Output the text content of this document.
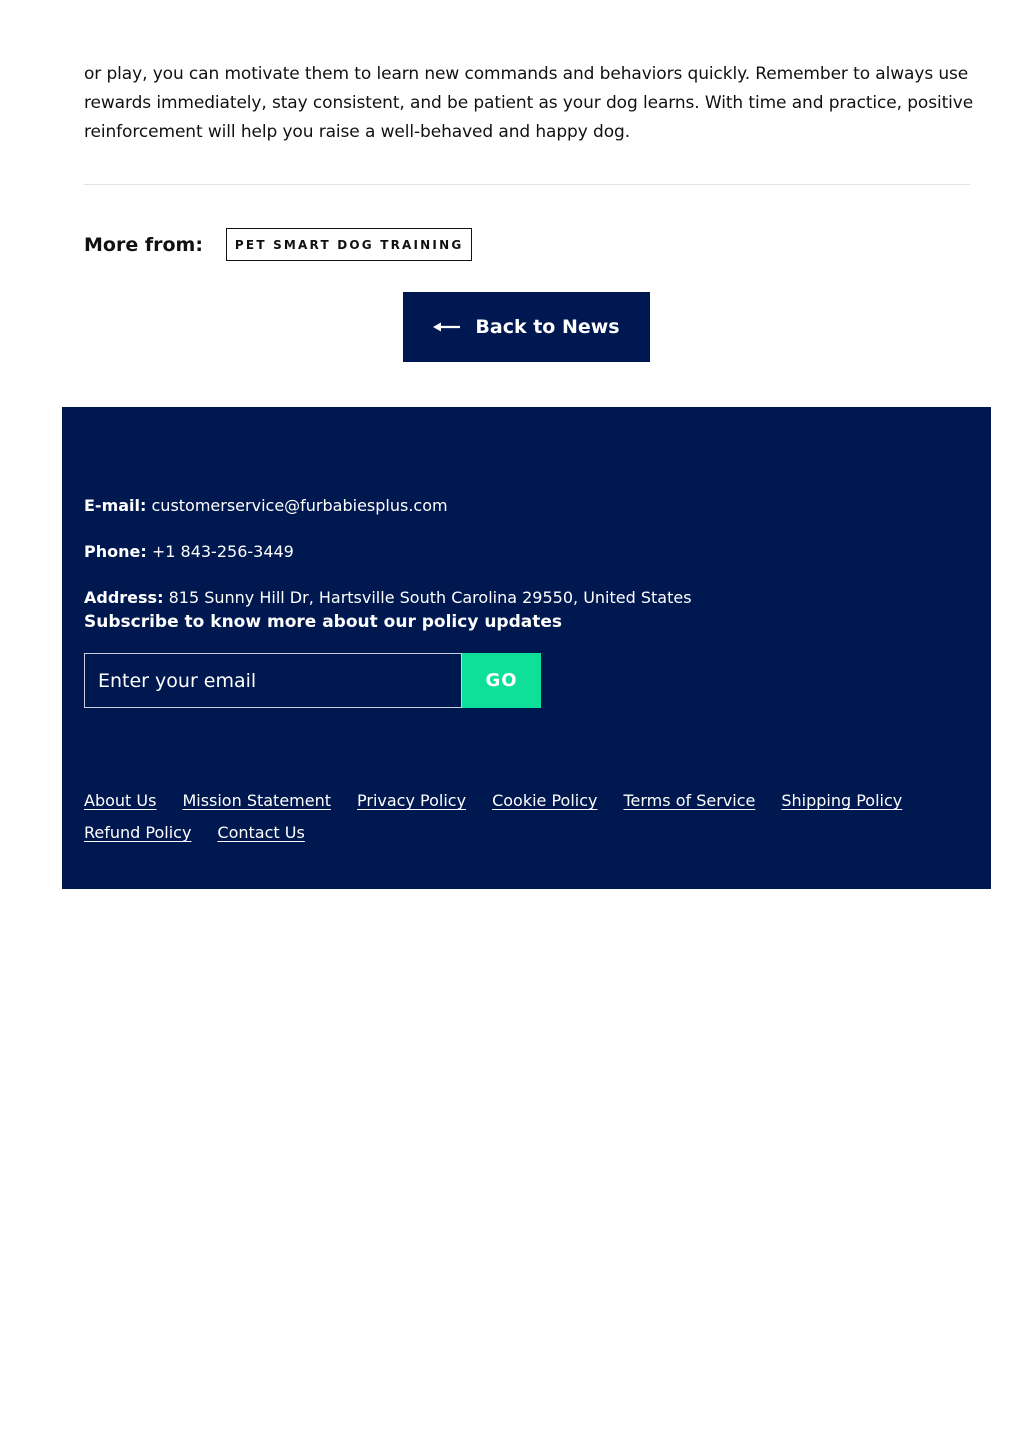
or play, you can motivate them to learn new commands and behaviors quickly. Remember to always use rewards immediately, stay consistent, and be patient as your dog learns. With time and practice, positive reinforcement will help you raise a well-behaved and happy dog.

More from:	PET SMART DOG TRAINING
Back to News
E-mail: customerservice@furbabiesplus.com
Phone: +1 843-256-3449
Address: 815 Sunny Hill Dr, Hartsville South Carolina 29550, United States
Subscribe to know more about our policy updates
Enter your email
GO
About Us Mission Statement Privacy Policy Cookie Policy Terms of Service Shipping Policy
Refund Policy Contact Us
